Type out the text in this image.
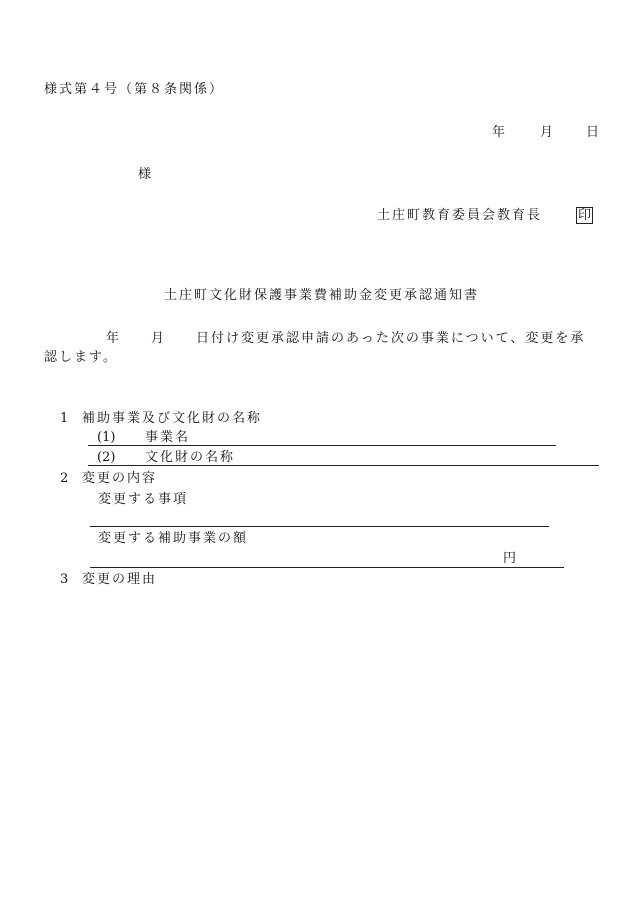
様式第４号（第８条関係）
年	月	日
様
土庄町教育委員会教育長	印
土庄町文化財保護事業費補助金変更承認通知書
年 月 日付け変更承認申請のあった次の事業について、変更を承
認します。
1 補助事業及び文化財の名称
(1) 事業名
(2) 文化財の名称
2 変更の内容
変更する事項
変更する補助事業の額
円
3 変更の理由
